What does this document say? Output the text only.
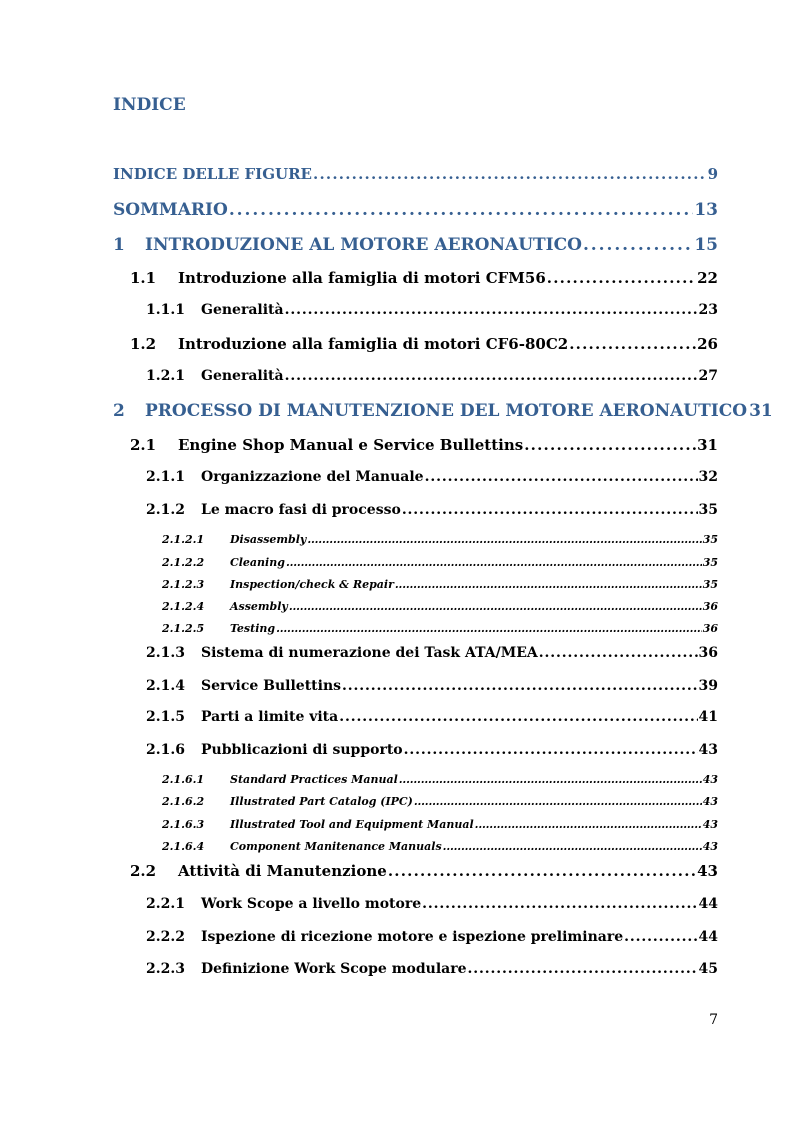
INDICE
INDICE DELLE FIGURE . . .	9
SOMMARIO . . .	13
1	INTRODUZIONE AL MOTORE AERONAUTICO . . .	15
1.1	Introduzione alla famiglia di motori CFM56 . . .	22
1.1.1	Generalità . . .	23
1.2	Introduzione alla famiglia di motori CF6-80C2 . . .	26
1.2.1	Generalità . . .	27
2	PROCESSO DI MANUTENZIONE DEL MOTORE AERONAUTICO 31
2.1	Engine Shop Manual e Service Bullettins . . .	31
2.1.1	Organizzazione del Manuale . . .	32
2.1.2	Le macro fasi di processo . . .	35
2.1.2.1	Disassembly . . .	35
2.1.2.2	Cleaning . . .	35
2.1.2.3	Inspection/check & Repair . . .	35
2.1.2.4	Assembly . . .	36
2.1.2.5	Testing . . .	36
2.1.3	Sistema di numerazione dei Task ATA/MEA . . .	36
2.1.4	Service Bullettins . . .	39
2.1.5	Parti a limite vita . . .	41
2.1.6	Pubblicazioni di supporto . . .	43
2.1.6.1	Standard Practices Manual . . .	43
2.1.6.2	Illustrated Part Catalog (IPC) . . .	43
2.1.6.3	Illustrated Tool and Equipment Manual . . .	43
2.1.6.4	Component Manitenance Manuals . . .	43
2.2	Attività di Manutenzione . . .	43
2.2.1	Work Scope a livello motore . . .	44
2.2.2	Ispezione di ricezione motore e ispezione preliminare . . .	44
2.2.3	Definizione Work Scope modulare . . .	45
7
